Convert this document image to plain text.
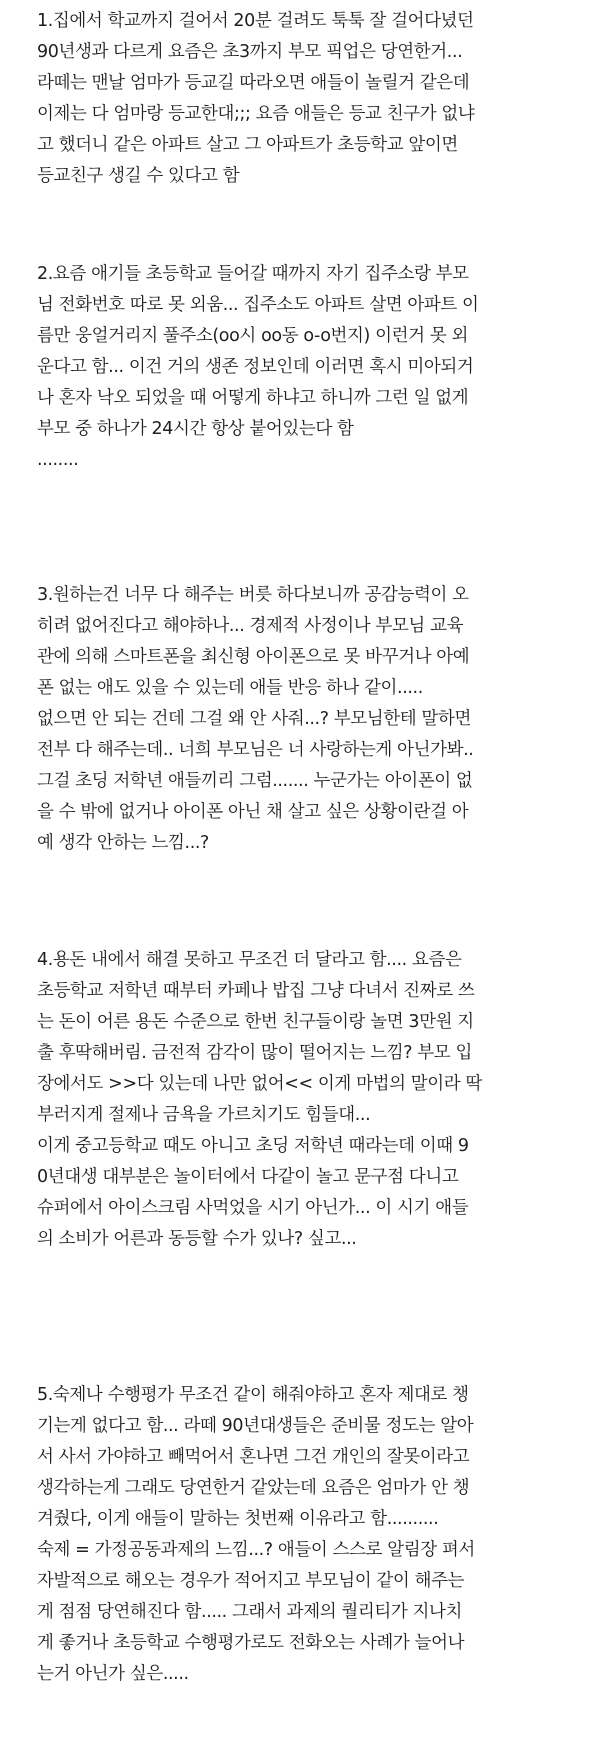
1.집에서 학교까지 걸어서 20분 걸려도 툭툭 잘 걸어다녔던
90년생과 다르게 요즘은 초3까지 부모 픽업은 당연한거...
라떼는 맨날 엄마가 등교길 따라오면 애들이 놀릴거 같은데
이제는 다 엄마랑 등교한대;;; 요즘 애들은 등교 친구가 없냐
고 했더니 같은 아파트 살고 그 아파트가 초등학교 앞이면
등교친구 생길 수 있다고 함
2.요즘 애기들 초등학교 들어갈 때까지 자기 집주소랑 부모
님 전화번호 따로 못 외움... 집주소도 아파트 살면 아파트 이
름만 웅얼거리지 풀주소(oo시 oo동 o-o번지) 이런거 못 외
운다고 함... 이건 거의 생존 정보인데 이러면 혹시 미아되거
나 혼자 낙오 되었을 때 어떻게 하냐고 하니까 그런 일 없게
부모 중 하나가 24시간 항상 붙어있는다 함
........
3.원하는건 너무 다 해주는 버릇 하다보니까 공감능력이 오
히려 없어진다고 해야하나... 경제적 사정이나 부모님 교육
관에 의해 스마트폰을 최신형 아이폰으로 못 바꾸거나 아예
폰 없는 애도 있을 수 있는데 애들 반응 하나 같이.....
없으면 안 되는 건데 그걸 왜 안 사줘...? 부모님한테 말하면
전부 다 해주는데.. 너희 부모님은 너 사랑하는게 아닌가봐..
그걸 초딩 저학년 애들끼리 그럼....... 누군가는 아이폰이 없
을 수 밖에 없거나 아이폰 아닌 채 살고 싶은 상황이란걸 아
예 생각 안하는 느낌...?
4.용돈 내에서 해결 못하고 무조건 더 달라고 함.... 요즘은
초등학교 저학년 때부터 카페나 밥집 그냥 다녀서 진짜로 쓰
는 돈이 어른 용돈 수준으로 한번 친구들이랑 놀면 3만원 지
출 후딱해버림. 금전적 감각이 많이 떨어지는 느낌? 부모 입
장에서도 >>다 있는데 나만 없어<< 이게 마법의 말이라 딱
부러지게 절제나 금욕을 가르치기도 힘들대...
이게 중고등학교 때도 아니고 초딩 저학년 때라는데 이때 9
0년대생 대부분은 놀이터에서 다같이 놀고 문구점 다니고
슈퍼에서 아이스크림 사먹었을 시기 아닌가... 이 시기 애들
의 소비가 어른과 동등할 수가 있나? 싶고...
5.숙제나 수행평가 무조건 같이 해줘야하고 혼자 제대로 챙
기는게 없다고 함... 라떼 90년대생들은 준비물 정도는 알아
서 사서 가야하고 빼먹어서 혼나면 그건 개인의 잘못이라고
생각하는게 그래도 당연한거 같았는데 요즘은 엄마가 안 챙
겨줬다, 이게 애들이 말하는 첫번째 이유라고 함..........
숙제 = 가정공동과제의 느낌...? 애들이 스스로 알림장 펴서
자발적으로 해오는 경우가 적어지고 부모님이 같이 해주는
게 점점 당연해진다 함..... 그래서 과제의 퀄리티가 지나치
게 좋거나 초등학교 수행평가로도 전화오는 사례가 늘어나
는거 아닌가 싶은.....
